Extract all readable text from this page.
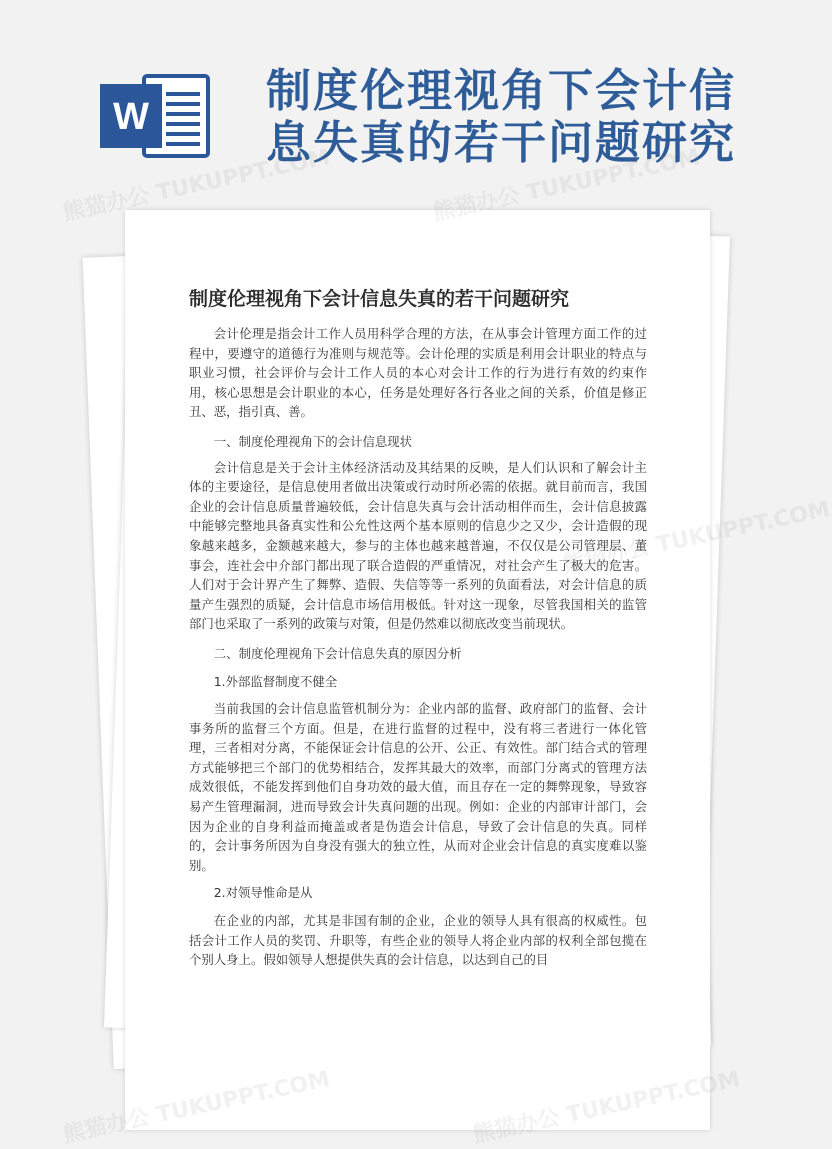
W	制度伦理视角下会计信
息失真的若干问题研究
制度伦理视角下会计信息失真的若干问题研究

会计伦理是指会计工作人员用科学合理的方法，在从事会计管理方面工作的过程中，要遵守的道德行为准则与规范等。会计伦理的实质是利用会计职业的特点与职业习惯，社会评价与会计工作人员的本心对会计工作的行为进行有效的约束作用，核心思想是会计职业的本心，任务是处理好各行各业之间的关系，价值是修正丑、恶，指引真、善。

一、制度伦理视角下的会计信息现状

会计信息是关于会计主体经济活动及其结果的反映，是人们认识和了解会计主体的主要途径，是信息使用者做出决策或行动时所必需的依据。就目前而言，我国企业的会计信息质量普遍较低，会计信息失真与会计活动相伴而生，会计信息披露中能够完整地具备真实性和公允性这两个基本原则的信息少之又少，会计造假的现象越来越多，金额越来越大，参与的主体也越来越普遍，不仅仅是公司管理层、董事会，连社会中介部门都出现了联合造假的严重情况，对社会产生了极大的危害。人们对于会计界产生了舞弊、造假、失信等等一系列的负面看法，对会计信息的质量产生强烈的质疑，会计信息市场信用极低。针对这一现象，尽管我国相关的监管部门也采取了一系列的政策与对策，但是仍然难以彻底改变当前现状。

二、制度伦理视角下会计信息失真的原因分析

1.外部监督制度不健全

当前我国的会计信息监管机制分为：企业内部的监督、政府部门的监督、会计事务所的监督三个方面。但是，在进行监督的过程中，没有将三者进行一体化管理，三者相对分离，不能保证会计信息的公开、公正、有效性。部门结合式的管理方式能够把三个部门的优势相结合，发挥其最大的效率，而部门分离式的管理方法成效很低，不能发挥到他们自身功效的最大值，而且存在一定的舞弊现象，导致容易产生管理漏洞，进而导致会计失真问题的出现。例如：企业的内部审计部门，会因为企业的自身利益而掩盖或者是伪造会计信息，导致了会计信息的失真。同样的，会计事务所因为自身没有强大的独立性，从而对企业会计信息的真实度难以鉴别。

2.对领导惟命是从

在企业的内部，尤其是非国有制的企业，企业的领导人具有很高的权威性。包括会计工作人员的奖罚、升职等，有些企业的领导人将企业内部的权利全部包揽在个别人身上。假如领导人想提供失真的会计信息，以达到自己的目

熊猫办公 TUKUPPT.COM	熊猫办公 TUKUPPT.COM
TUKUPPT.COM
熊猫办公
